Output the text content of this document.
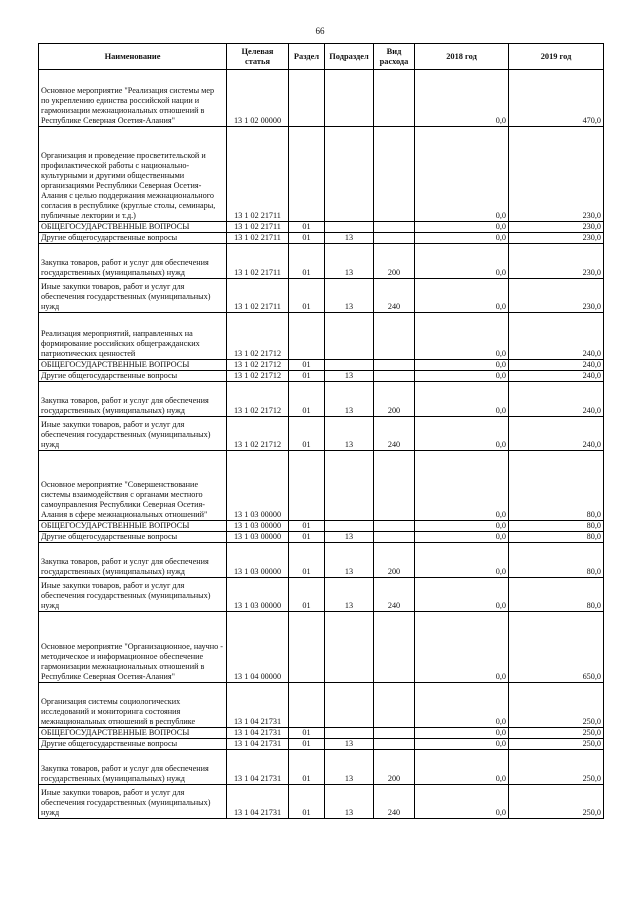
66
Наименование	Целевая статья	Раздел	Подраздел	Вид расхода	2018 год	2019 год
Основное мероприятие "Реализация системы мер по укреплению единства российской нации и гармонизации межнациональных отношений в Республике Северная Осетия-Алания"	13 1 02 00000				0,0	470,0
Организация и проведение просветительской и профилактической работы с национально-культурными и другими общественными организациями Республики Северная Осетия-Алания с целью поддержания межнационального согласия в республике (круглые столы, семинары, публичные лектории и т.д.)	13 1 02 21711				0,0	230,0
ОБЩЕГОСУДАРСТВЕННЫЕ ВОПРОСЫ	13 1 02 21711	01			0,0	230,0
Другие общегосударственные вопросы	13 1 02 21711	01	13		0,0	230,0
Закупка товаров, работ и услуг для обеспечения государственных (муниципальных) нужд	13 1 02 21711	01	13	200	0,0	230,0
Иные закупки товаров, работ и услуг для обеспечения государственных (муниципальных) нужд	13 1 02 21711	01	13	240	0,0	230,0
Реализация мероприятий, направленных на формирование российских общегражданских патриотических ценностей	13 1 02 21712				0,0	240,0
ОБЩЕГОСУДАРСТВЕННЫЕ ВОПРОСЫ	13 1 02 21712	01			0,0	240,0
Другие общегосударственные вопросы	13 1 02 21712	01	13		0,0	240,0
Закупка товаров, работ и услуг для обеспечения государственных (муниципальных) нужд	13 1 02 21712	01	13	200	0,0	240,0
Иные закупки товаров, работ и услуг для обеспечения государственных (муниципальных) нужд	13 1 02 21712	01	13	240	0,0	240,0
Основное мероприятие "Совершенствование системы взаимодействия с органами местного самоуправления Республики Северная Осетия-Алания в сфере межнациональных отношений"	13 1 03 00000				0,0	80,0
ОБЩЕГОСУДАРСТВЕННЫЕ ВОПРОСЫ	13 1 03 00000	01			0,0	80,0
Другие общегосударственные вопросы	13 1 03 00000	01	13		0,0	80,0
Закупка товаров, работ и услуг для обеспечения государственных (муниципальных) нужд	13 1 03 00000	01	13	200	0,0	80,0
Иные закупки товаров, работ и услуг для обеспечения государственных (муниципальных) нужд	13 1 03 00000	01	13	240	0,0	80,0
Основное мероприятие "Организационное, научно - методическое и информационное обеспечение гармонизации межнациональных отношений в Республике Северная Осетия-Алания"	13 1 04 00000				0,0	650,0
Организация системы социологических исследований и мониторинга состояния межнациональных отношений в республике	13 1 04 21731				0,0	250,0
ОБЩЕГОСУДАРСТВЕННЫЕ ВОПРОСЫ	13 1 04 21731	01			0,0	250,0
Другие общегосударственные вопросы	13 1 04 21731	01	13		0,0	250,0
Закупка товаров, работ и услуг для обеспечения государственных (муниципальных) нужд	13 1 04 21731	01	13	200	0,0	250,0
Иные закупки товаров, работ и услуг для обеспечения государственных (муниципальных) нужд	13 1 04 21731	01	13	240	0,0	250,0
